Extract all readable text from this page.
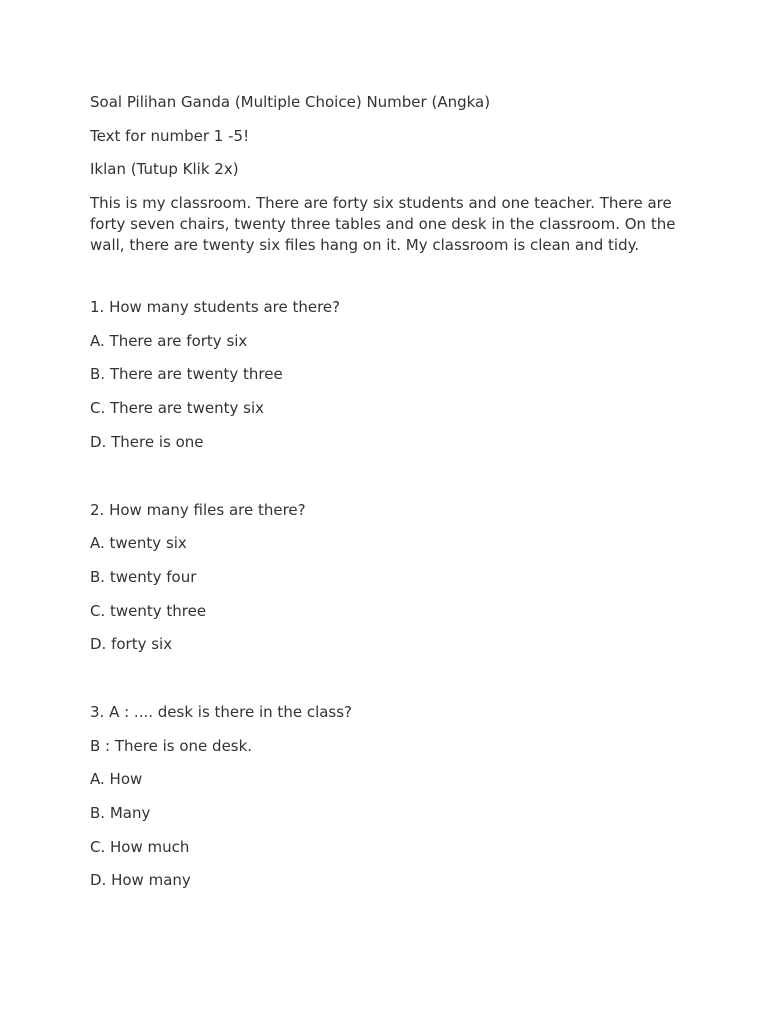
Soal Pilihan Ganda (Multiple Choice) Number (Angka)

Text for number 1 -5!

Iklan (Tutup Klik 2x)

This is my classroom. There are forty six students and one teacher. There are forty seven chairs, twenty three tables and one desk in the classroom. On the wall, there are twenty six files hang on it. My classroom is clean and tidy.

1. How many students are there?

A. There are forty six

B. There are twenty three

C. There are twenty six

D. There is one

2. How many files are there?

A. twenty six

B. twenty four

C. twenty three

D. forty six

3. A : .... desk is there in the class?

B : There is one desk.

A. How

B. Many

C. How much

D. How many
